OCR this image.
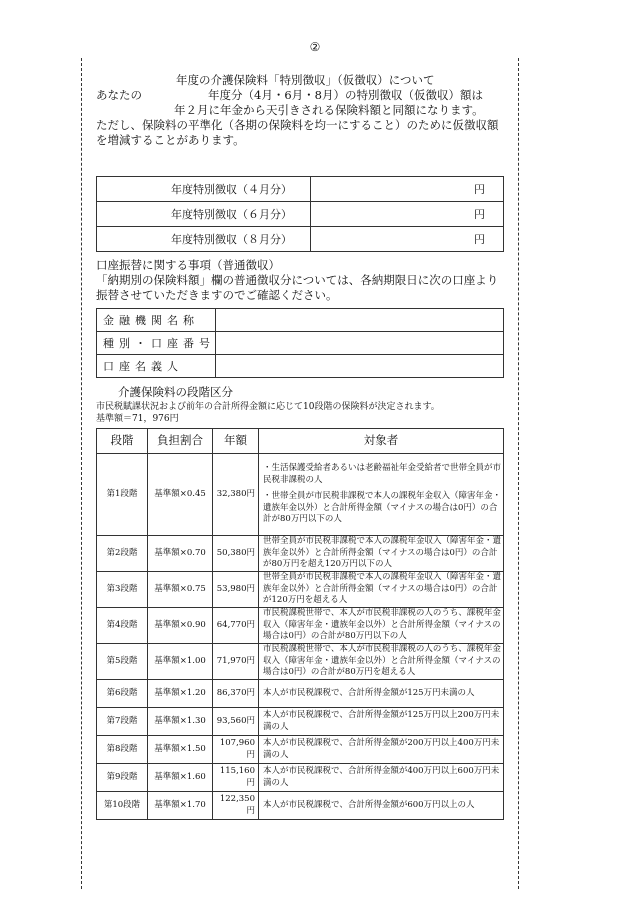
②
年度の介護保険料「特別徴収」（仮徴収）について
あなたの	年度分（4月・6月・8月）の特別徴収（仮徴収）額は
年２月に年金から天引きされる保険料額と同額になります。
ただし、保険料の平準化（各期の保険料を均一にすること）のために仮徴収額
を増減することがあります。
年度特別徴収（４月分）	円
年度特別徴収（６月分）	円
年度特別徴収（８月分）	円
口座振替に関する事項（普通徴収）
「納期別の保険料額」欄の普通徴収分については、各納期限日に次の口座より
振替させていただきますのでご確認ください。
金融機関名称	
種別・口座番号	
口座名義人	
介護保険料の段階区分
市民税賦課状況および前年の合計所得金額に応じて10段階の保険料が決定されます。
基準額＝71，976円
段階	負担割合	年額	対象者
第1段階	基準額×0.45	32,380円	・生活保護受給者あるいは老齢福祉年金受給者で世帯全員が市民税非課税の人

・世帯全員が市民税非課税で本人の課税年金収入（障害年金・遺族年金以外）と合計所得金額（マイナスの場合は0円）の合計が80万円以下の人

第2段階	基準額×0.70	50,380円	世帯全員が市民税非課税で本人の課税年金収入（障害年金・遺族年金以外）と合計所得金額（マイナスの場合は0円）の合計が80万円を超え120万円以下の人

第3段階	基準額×0.75	53,980円	世帯全員が市民税非課税で本人の課税年金収入（障害年金・遺族年金以外）と合計所得金額（マイナスの場合は0円）の合計が120万円を超える人

第4段階	基準額×0.90	64,770円	市民税課税世帯で、本人が市民税非課税の人のうち、課税年金収入（障害年金・遺族年金以外）と合計所得金額（マイナスの場合は0円）の合計が80万円以下の人

第5段階	基準額×1.00	71,970円	市民税課税世帯で、本人が市民税非課税の人のうち、課税年金収入（障害年金・遺族年金以外）と合計所得金額（マイナスの場合は0円）の合計が80万円を超える人

第6段階	基準額×1.20	86,370円	本人が市民税課税で、合計所得金額が125万円未満の人

第7段階	基準額×1.30	93,560円	本人が市民税課税で、合計所得金額が125万円以上200万円未満の人

第8段階	基準額×1.50	107,960円	本人が市民税課税で、合計所得金額が200万円以上400万円未満の人

第9段階	基準額×1.60	115,160円	本人が市民税課税で、合計所得金額が400万円以上600万円未満の人

第10段階	基準額×1.70	122,350円	本人が市民税課税で、合計所得金額が600万円以上の人
